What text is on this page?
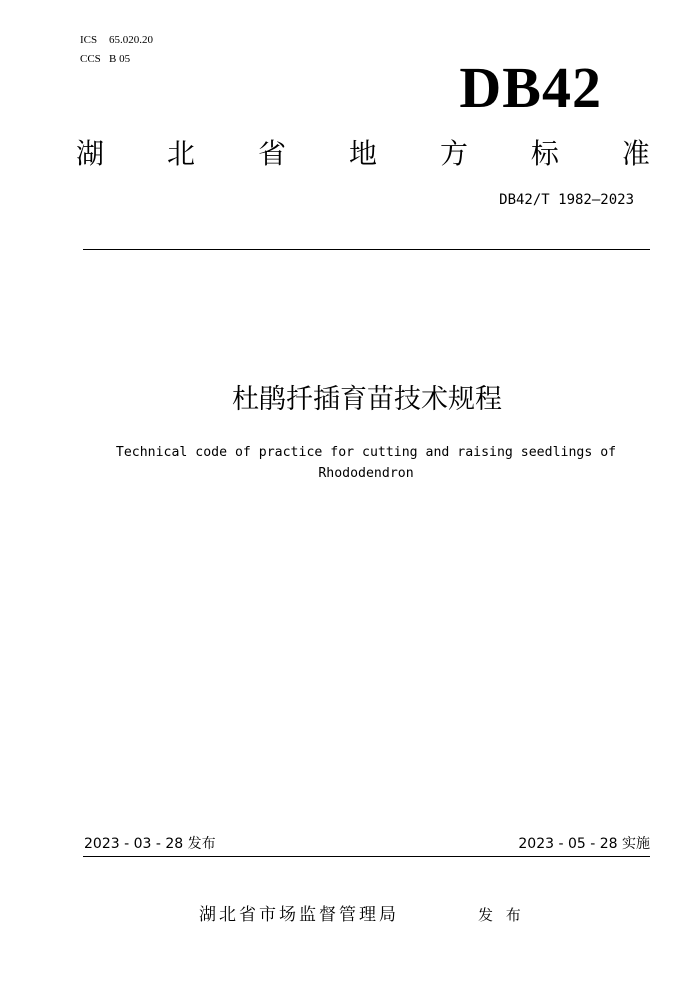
ICS 65.020.20
CCS B 05	DB42
湖 北 省 地 方 标 准
DB42/T 1982—2023
杜鹃扦插育苗技术规程
Technical code of practice for cutting and raising seedlings of
Rhododendron
2023 - 03 - 28 发布	2023 - 05 - 28 实施
湖北省市场监督管理局	发 布
